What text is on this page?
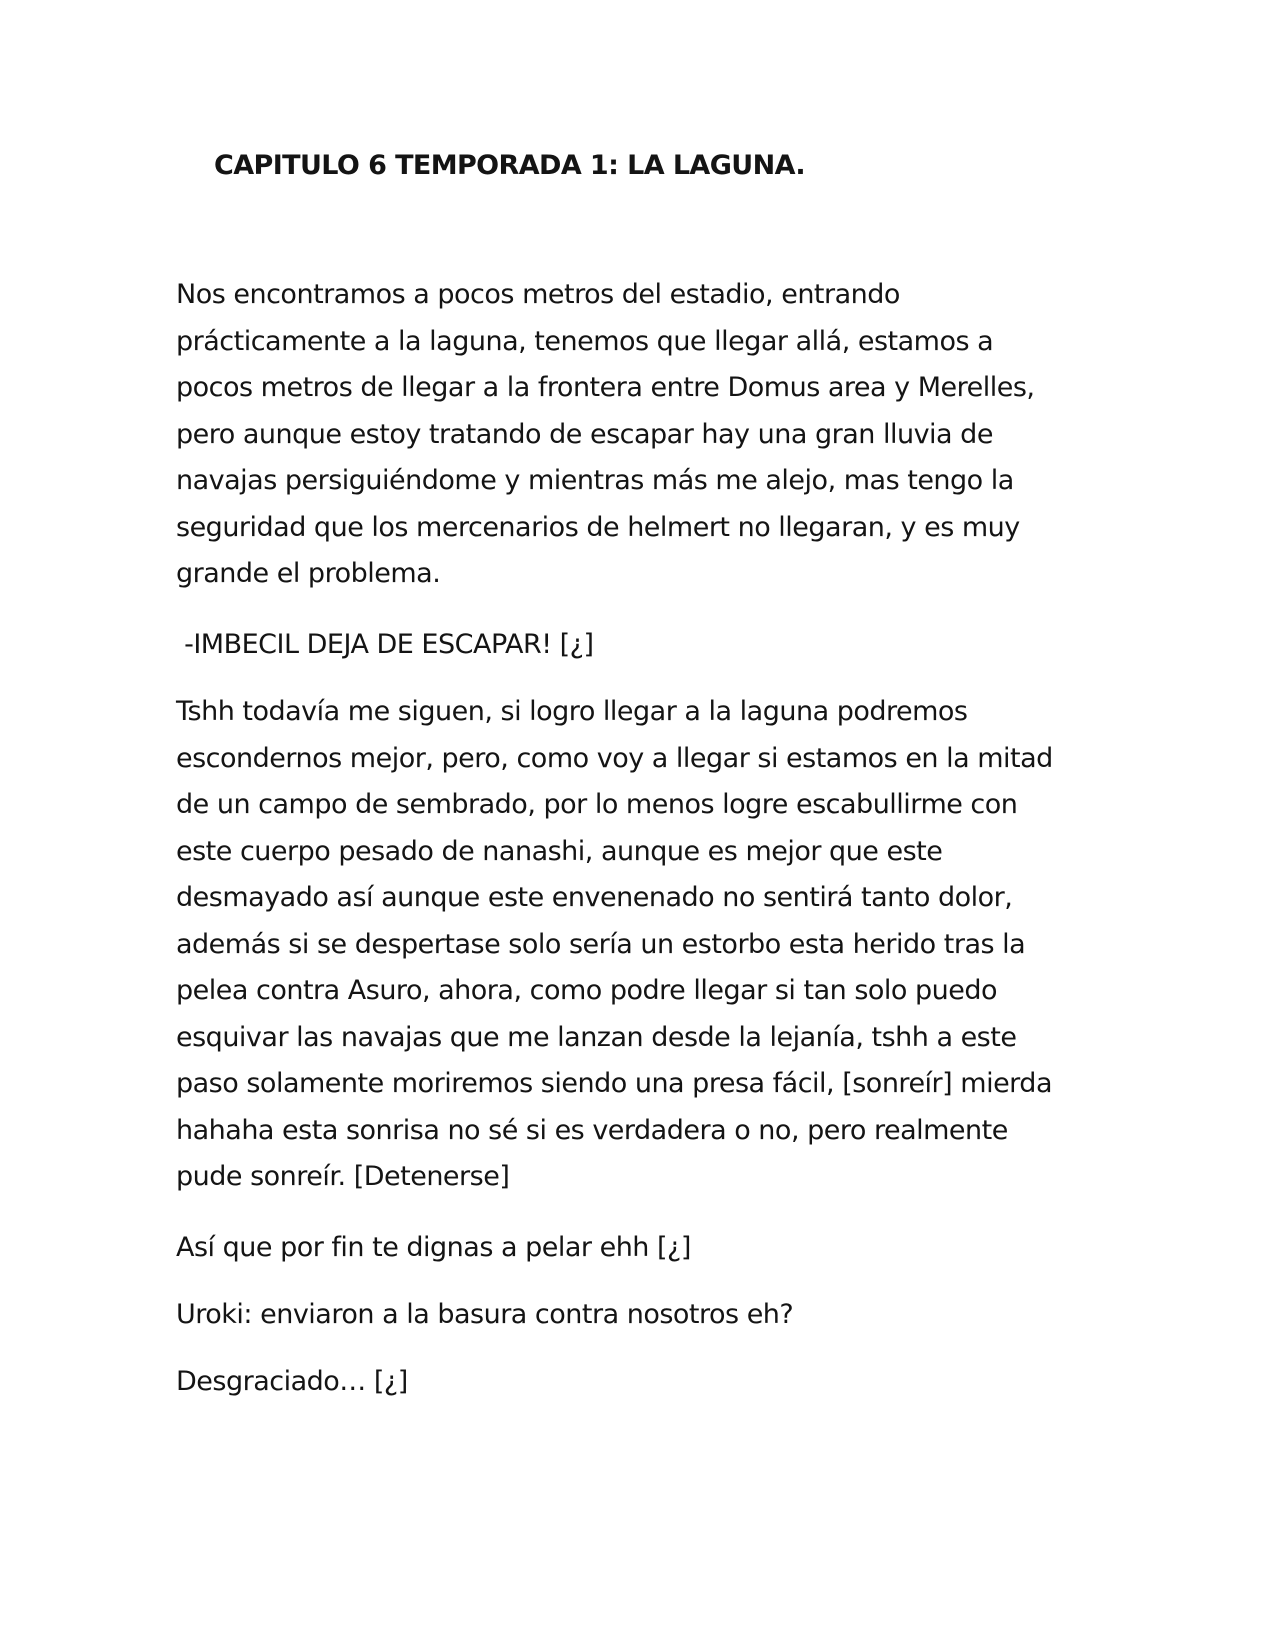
CAPITULO 6 TEMPORADA 1: LA LAGUNA.

Nos encontramos a pocos metros del estadio, entrando
prácticamente a la laguna, tenemos que llegar allá, estamos a
pocos metros de llegar a la frontera entre Domus area y Merelles,
pero aunque estoy tratando de escapar hay una gran lluvia de
navajas persiguiéndome y mientras más me alejo, mas tengo la
seguridad que los mercenarios de helmert no llegaran, y es muy
grande el problema.

-IMBECIL DEJA DE ESCAPAR! [¿]

Tshh todavía me siguen, si logro llegar a la laguna podremos
escondernos mejor, pero, como voy a llegar si estamos en la mitad
de un campo de sembrado, por lo menos logre escabullirme con
este cuerpo pesado de nanashi, aunque es mejor que este
desmayado así aunque este envenenado no sentirá tanto dolor,
además si se despertase solo sería un estorbo esta herido tras la
pelea contra Asuro, ahora, como podre llegar si tan solo puedo
esquivar las navajas que me lanzan desde la lejanía, tshh a este
paso solamente moriremos siendo una presa fácil, [sonreír] mierda
hahaha esta sonrisa no sé si es verdadera o no, pero realmente
pude sonreír. [Detenerse]

Así que por fin te dignas a pelar ehh [¿]

Uroki: enviaron a la basura contra nosotros eh?

Desgraciado… [¿]
